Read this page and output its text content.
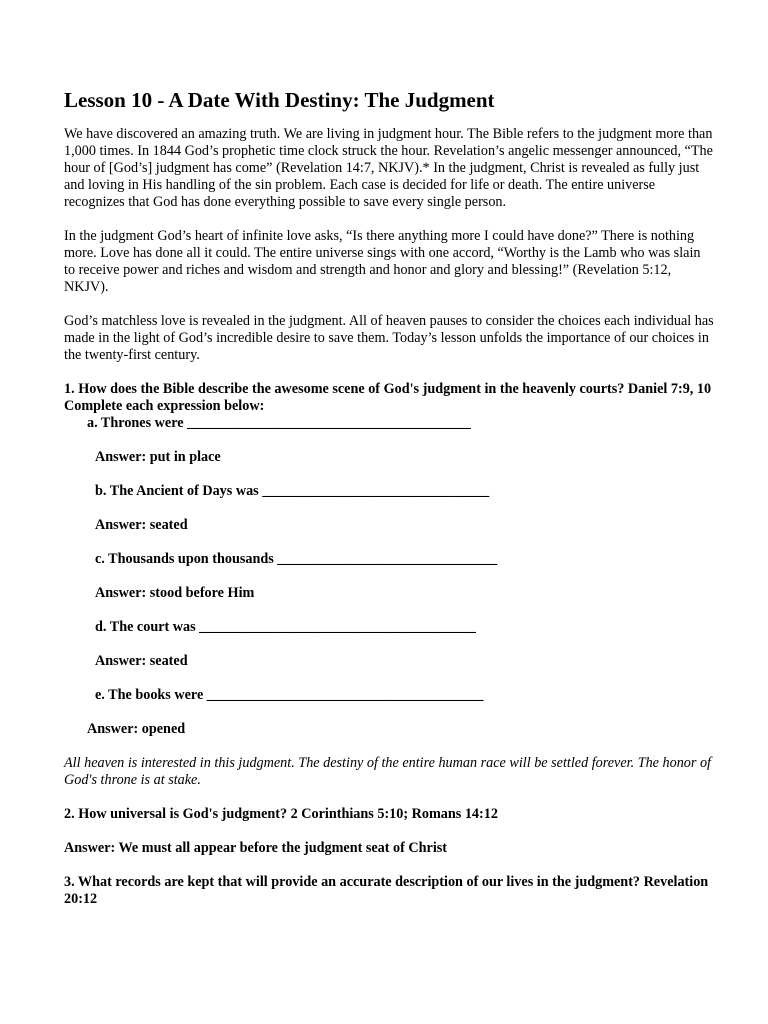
Lesson 10 - A Date With Destiny: The Judgment

We have discovered an amazing truth. We are living in judgment hour. The Bible refers to the judgment more than 1,000 times. In 1844 God’s prophetic time clock struck the hour. Revelation’s angelic messenger announced, “The hour of [God’s] judgment has come” (Revelation 14:7, NKJV).* In the judgment, Christ is revealed as fully just and loving in His handling of the sin problem. Each case is decided for life or death. The entire universe recognizes that God has done everything possible to save every single person.

In the judgment God’s heart of infinite love asks, “Is there anything more I could have done?” There is nothing more. Love has done all it could. The entire universe sings with one accord, “Worthy is the Lamb who was slain to receive power and riches and wisdom and strength and honor and glory and blessing!” (Revelation 5:12, NKJV).

God’s matchless love is revealed in the judgment. All of heaven pauses to consider the choices each individual has made in the light of God’s incredible desire to save them. Today’s lesson unfolds the importance of our choices in the twenty-first century.

1. How does the Bible describe the awesome scene of God's judgment in the heavenly courts? Daniel 7:9, 10

Complete each expression below:

a. Thrones were ________________________________________

Answer: put in place

b. The Ancient of Days was ________________________________

Answer: seated

c. Thousands upon thousands _______________________________

Answer: stood before Him

d. The court was _______________________________________

Answer: seated

e. The books were _______________________________________

Answer: opened

All heaven is interested in this judgment. The destiny of the entire human race will be settled forever. The honor of God's throne is at stake.

2. How universal is God's judgment? 2 Corinthians 5:10; Romans 14:12

Answer: We must all appear before the judgment seat of Christ

3. What records are kept that will provide an accurate description of our lives in the judgment? Revelation 20:12
